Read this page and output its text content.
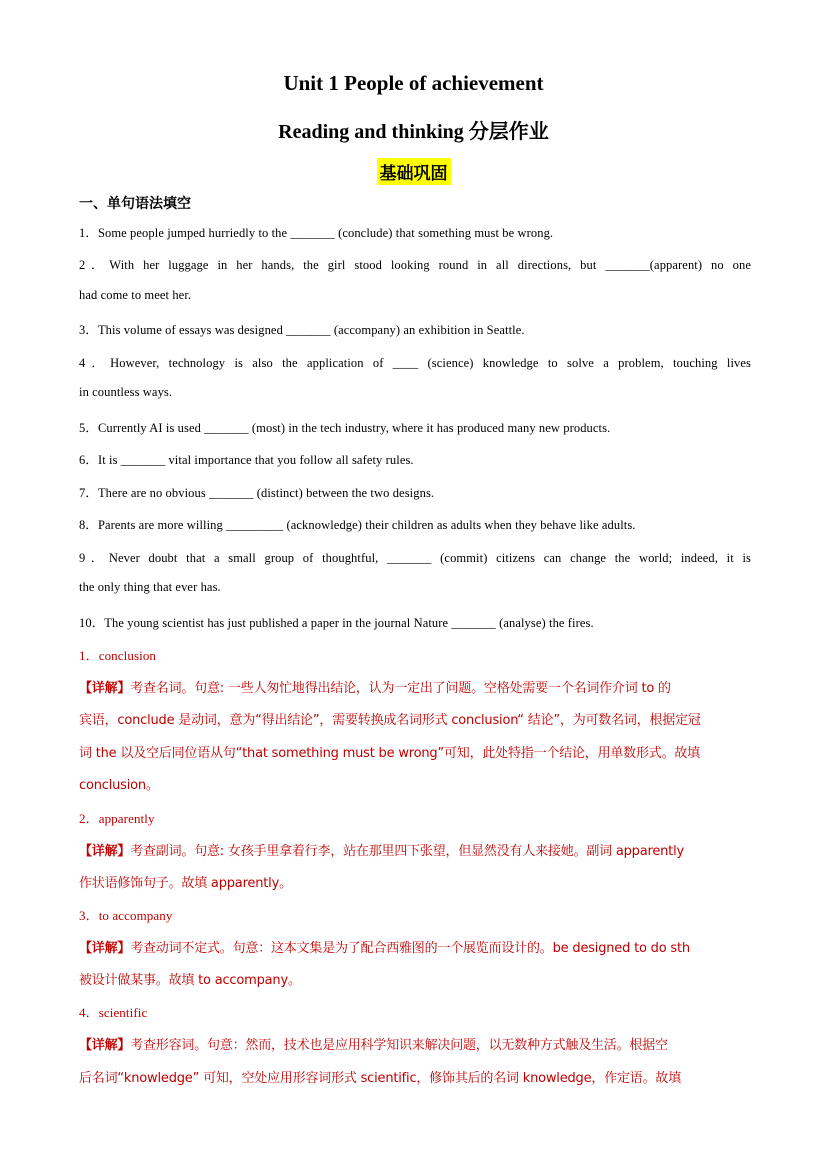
Unit 1 People of achievement
Reading and thinking 分层作业
基础巩固
一、单句语法填空
1．Some people jumped hurriedly to the _______ (conclude) that something must be wrong.
2．With her luggage in her hands, the girl stood looking round in all directions, but _______(apparent) no one
had come to meet her.
3．This volume of essays was designed _______ (accompany) an exhibition in Seattle.
4．However, technology is also the application of ____ (science) knowledge to solve a problem, touching lives
in countless ways.
5．Currently AI is used _______ (most) in the tech industry, where it has produced many new products.
6．It is _______ vital importance that you follow all safety rules.
7．There are no obvious _______ (distinct) between the two designs.
8．Parents are more willing _________ (acknowledge) their children as adults when they behave like adults.
9．Never doubt that a small group of thoughtful, _______ (commit) citizens can change the world; indeed, it is
the only thing that ever has.
10．The young scientist has just published a paper in the journal Nature _______ (analyse) the fires.
1．conclusion
【详解】考查名词。句意: 一些人匆忙地得出结论，认为一定出了问题。空格处需要一个名词作介词 to 的
宾语，conclude 是动词，意为“得出结论”，需要转换成名词形式 conclusion“ 结论”，为可数名词，根据定冠
词 the 以及空后同位语从句“that something must be wrong”可知，此处特指一个结论，用单数形式。故填
conclusion。
2．apparently
【详解】考查副词。句意: 女孩手里拿着行李，站在那里四下张望，但显然没有人来接她。副词 apparently
作状语修饰句子。故填 apparently。
3．to accompany
【详解】考查动词不定式。句意：这本文集是为了配合西雅图的一个展览而设计的。be designed to do sth
被设计做某事。故填 to accompany。
4．scientific
【详解】考查形容词。句意：然而，技术也是应用科学知识来解决问题，以无数种方式触及生活。根据空
后名词“knowledge” 可知，空处应用形容词形式 scientific，修饰其后的名词 knowledge，作定语。故填
